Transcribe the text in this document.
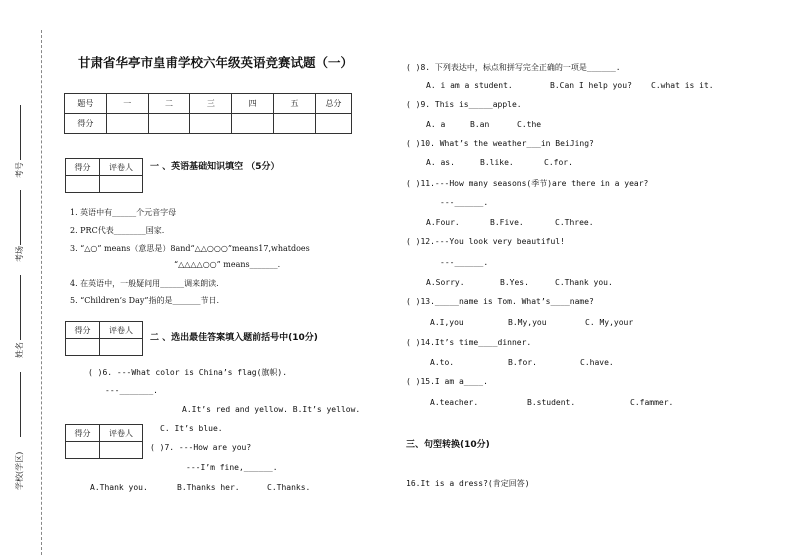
考号
考场
姓名
学校(学区)
甘肃省华亭市皇甫学校六年级英语竞赛试题（一）
题号	一	二	三	四	五	总分
得分						
得分	评卷人
	一 、英语基础知识填空 （5分）
1. 英语中有______个元音字母
2. PRC代表________国家.
3. “△○” means（意思是）8and“△△○○○”means17,whatdoes
“△△△△○○” means_______.
4. 在英语中，一般疑问用______调来朗读.
5. “Children’s Day”指的是_______节日.
得分	评卷人

二 、选出最佳答案填入题前括号中(10分)
( )6. ---What color is China’s flag(旗帜).
---_______.
A.It’s red and yellow. B.It’s yellow.
得分	评卷人
		C. It’s blue.
( )7. ---How are you?
---I’m fine,______.
A.Thank you.	B.Thanks her.	C.Thanks.
( )8. 下列表达中，标点和拼写完全正确的一项是______.
A. i am a student.	B.Can I help you? C.what is it.
( )9. This is_____apple.
A. a	B.an	C.the
( )10. What’s the weather___in BeiJing?
A. as.	B.like.	C.for.
( )11.---How many seasons(季节)are there in a year?
---______.
A.Four.	B.Five.	C.Three.
( )12.---You look very beautiful!
---______.
A.Sorry.	B.Yes.	C.Thank you.
( )13._____name is Tom. What’s____name?
A.I,you	B.My,you	C. My,your
( )14.It’s time____dinner.
A.to.	B.for.	C.have.
( )15.I am a____.
A.teacher.	B.student.	C.fammer.
三、句型转换(10分)
16.It is a dress?(肯定回答)
